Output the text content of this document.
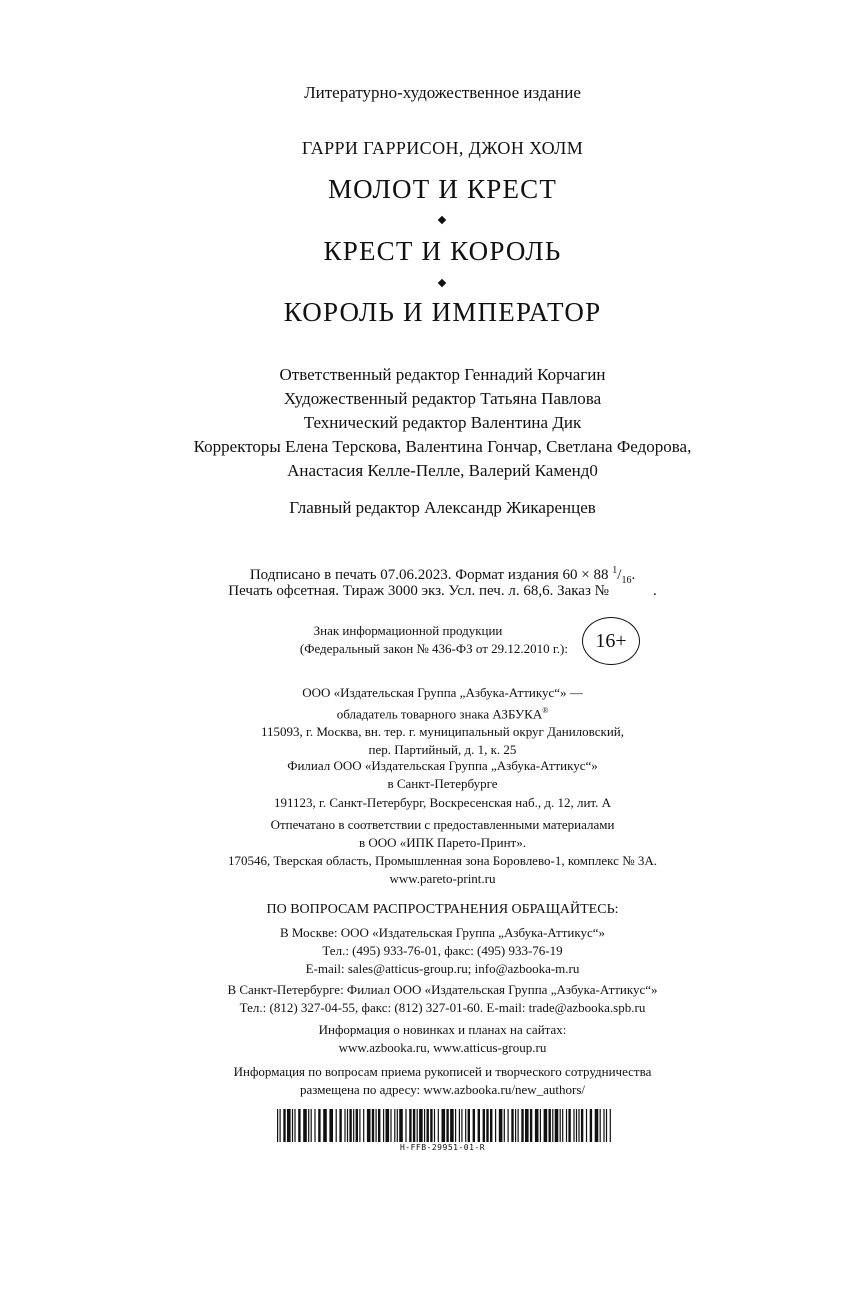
Литературно-художественное издание
ГАРРИ ГАРРИСОН, ДЖОН ХОЛМ
МОЛОТ И КРЕСТ
КРЕСТ И КОРОЛЬ
КОРОЛЬ И ИМПЕРАТОР
Ответственный редактор Геннадий Корчагин
Художественный редактор Татьяна Павлова
Технический редактор Валентина Дик
Корректоры Елена Терскова, Валентина Гончар, Светлана Федорова,
Анастасия Келле-Пелле, Валерий Каменд0
Главный редактор Александр Жикаренцев
Подписано в печать 07.06.2023. Формат издания 60 × 88 $^1/_{16}$.
Печать офсетная. Тираж 3000 экз. Усл. печ. л. 68,6. Заказ №	.
Знак информационной продукции
(Федеральный закон № 436-ФЗ от 29.12.2010 г.):	16+
ООО «Издательская Группа „Азбука-Аттикус“» —
обладатель товарного знака АЗБУКА®
115093, г. Москва, вн. тер. г. муниципальный округ Даниловский,
пер. Партийный, д. 1, к. 25
Филиал ООО «Издательская Группа „Азбука-Аттикус“»
в Санкт-Петербурге
191123, г. Санкт-Петербург, Воскресенская наб., д. 12, лит. А
Отпечатано в соответствии с предоставленными материалами
в ООО «ИПК Парето-Принт».
170546, Тверская область, Промышленная зона Боровлево-1, комплекс № 3А.
www.pareto-print.ru
ПО ВОПРОСАМ РАСПРОСТРАНЕНИЯ ОБРАЩАЙТЕСЬ:
В Москве: ООО «Издательская Группа „Азбука-Аттикус“»
Тел.: (495) 933-76-01, факс: (495) 933-76-19
E-mail: sales@atticus-group.ru; info@azbooka-m.ru
В Санкт-Петербурге: Филиал ООО «Издательская Группа „Азбука-Аттикус“»
Тел.: (812) 327-04-55, факс: (812) 327-01-60. E-mail: trade@azbooka.spb.ru
Информация о новинках и планах на сайтах:
www.azbooka.ru, www.atticus-group.ru
Информация по вопросам приема рукописей и творческого сотрудничества
размещена по адресу: www.azbooka.ru/new_authors/
H-FFB-29951-01-R
